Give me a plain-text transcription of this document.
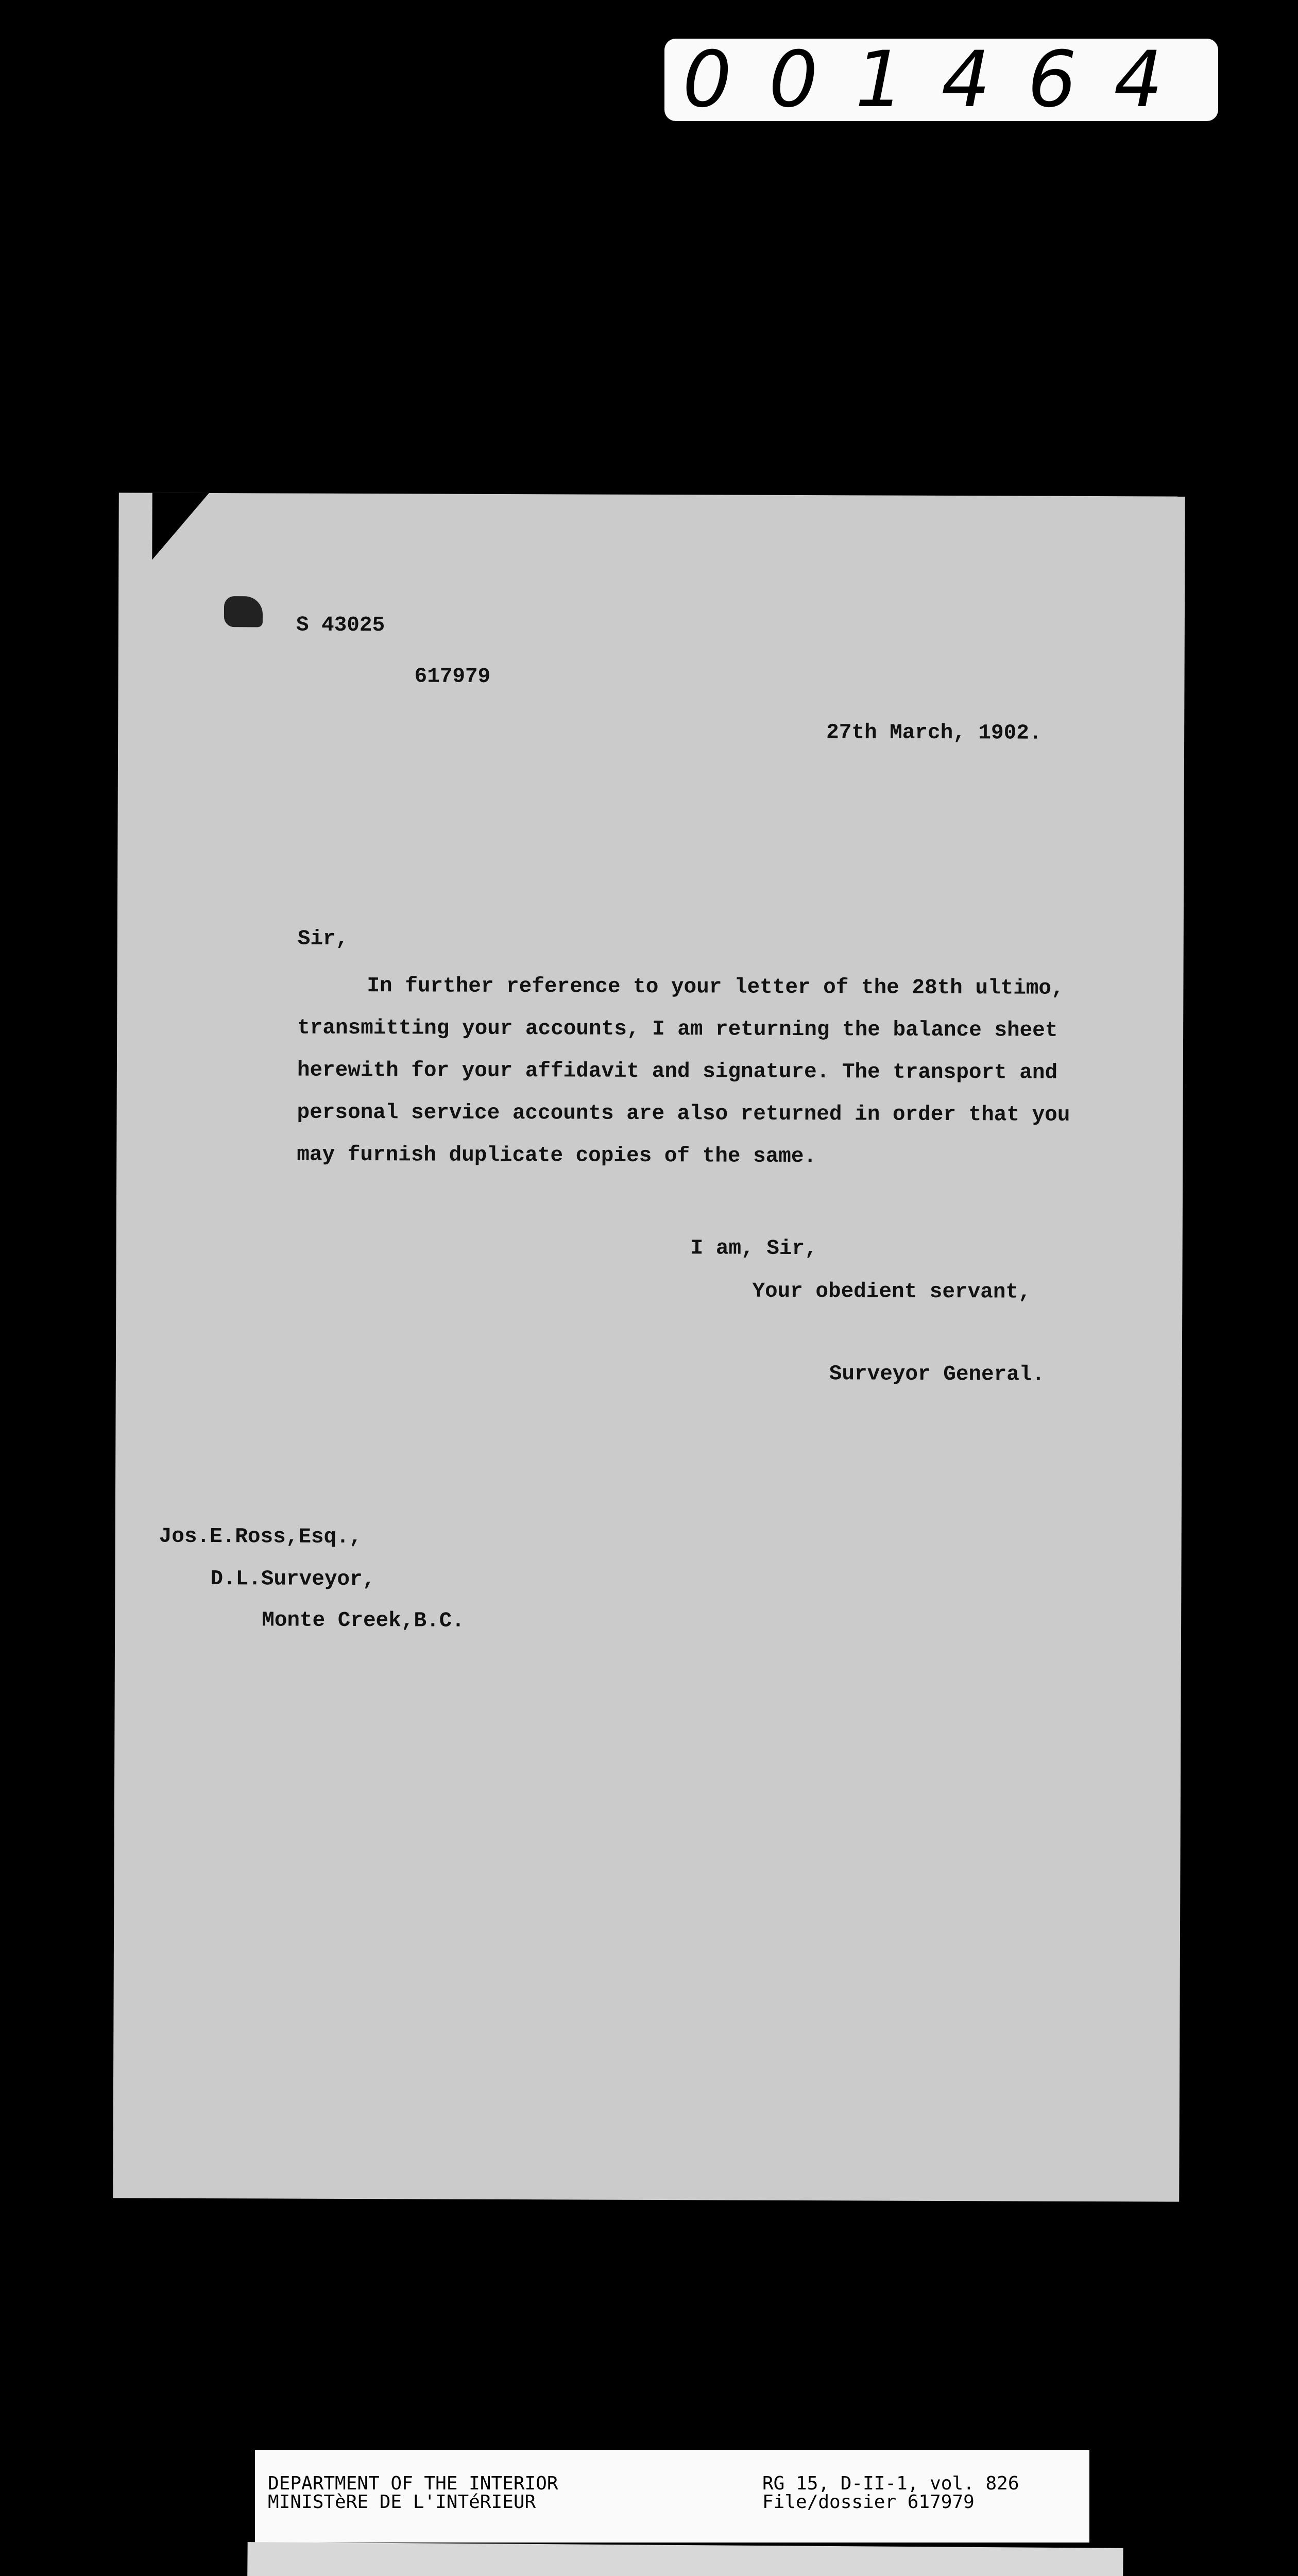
001464
S 43025
617979
27th March, 1902.
Sir,
In further reference to your letter of the 28th ultimo, transmitting your accounts, I am returning the balance sheet herewith for your affidavit and signature. The transport and personal service accounts are also returned in order that you may furnish duplicate copies of the same.
I am, Sir,
Your obedient servant,
Surveyor General.
Jos.E.Ross,Esq.,
D.L.Surveyor,
Monte Creek,B.C.
DEPARTMENT OF THE INTERIOR
MINISTèRE DE L'INTéRIEUR
RG 15, D-II-1, vol. 826
File/dossier 617979
